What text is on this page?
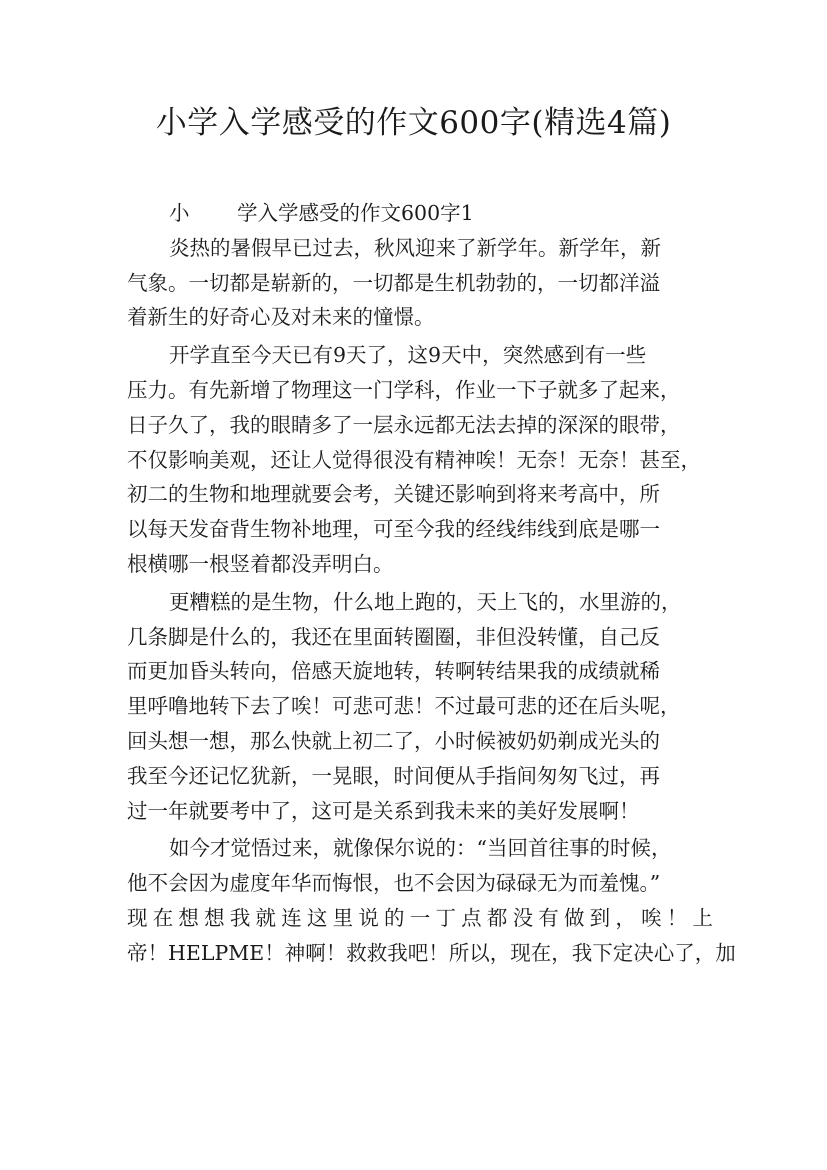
小学入学感受的作文600字(精选4篇)
小 学入学感受的作文600字1
炎热的暑假早已过去，秋风迎来了新学年。新学年，新
气象。一切都是崭新的，一切都是生机勃勃的，一切都洋溢
着新生的好奇心及对未来的憧憬。
开学直至今天已有9天了，这9天中，突然感到有一些
压力。有先新增了物理这一门学科，作业一下子就多了起来，
日子久了，我的眼睛多了一层永远都无法去掉的深深的眼带，
不仅影响美观，还让人觉得很没有精神唉！无奈！无奈！甚至，
初二的生物和地理就要会考，关键还影响到将来考高中，所
以每天发奋背生物补地理，可至今我的经线纬线到底是哪一
根横哪一根竖着都没弄明白。
更糟糕的是生物，什么地上跑的，天上飞的，水里游的，
几条脚是什么的，我还在里面转圈圈，非但没转懂，自己反
而更加昏头转向，倍感天旋地转，转啊转结果我的成绩就稀
里呼噜地转下去了唉！可悲可悲！不过最可悲的还在后头呢，
回头想一想，那么快就上初二了，小时候被奶奶剃成光头的
我至今还记忆犹新，一晃眼，时间便从手指间匆匆飞过，再
过一年就要考中了，这可是关系到我未来的美好发展啊！
如今才觉悟过来，就像保尔说的：“当回首往事的时候，
他不会因为虚度年华而悔恨，也不会因为碌碌无为而羞愧。”
现在想想我就连这里说的一丁点都没有做到，唉！上
帝！HELPME！神啊！救救我吧！所以，现在，我下定决心了，加
